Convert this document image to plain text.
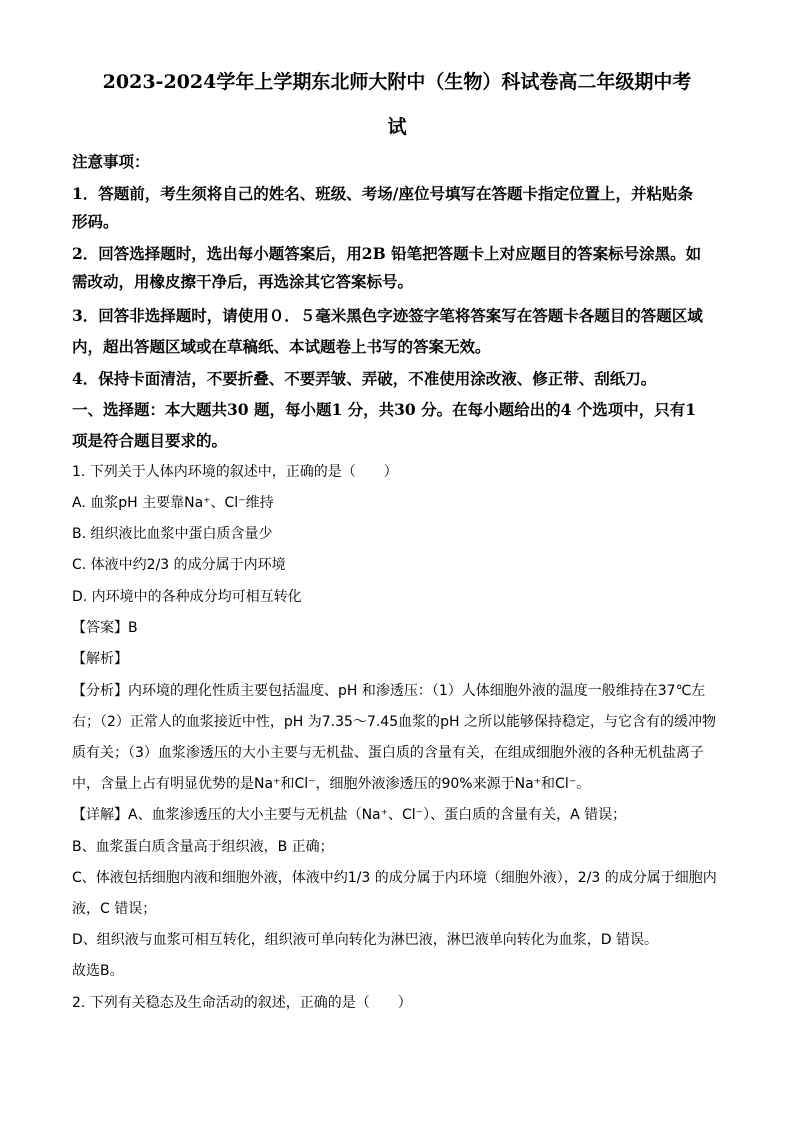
2023-2024学年上学期东北师大附中（生物）科试卷高二年级期中考

试

注意事项：

1．答题前，考生须将自己的姓名、班级、考场/座位号填写在答题卡指定位置上，并粘贴条

形码。

2．回答选择题时，选出每小题答案后，用2B 铅笔把答题卡上对应题目的答案标号涂黑。如

需改动，用橡皮擦干净后，再选涂其它答案标号。

3．回答非选择题时，请使用０．５毫米黑色字迹签字笔将答案写在答题卡各题目的答题区域

内，超出答题区域或在草稿纸、本试题卷上书写的答案无效。

4．保持卡面清洁，不要折叠、不要弄皱、弄破，不准使用涂改液、修正带、刮纸刀。

一、选择题：本大题共30 题，每小题1 分，共30 分。在每小题给出的4 个选项中，只有1

项是符合题目要求的。

1. 下列关于人体内环境的叙述中，正确的是（　　）

A. 血浆pH 主要靠Na⁺、Cl⁻维持

B. 组织液比血浆中蛋白质含量少

C. 体液中约2/3 的成分属于内环境

D. 内环境中的各种成分均可相互转化

【答案】B

【解析】

【分析】内环境的理化性质主要包括温度、pH 和渗透压：（1）人体细胞外液的温度一般维持在37℃左

右；（2）正常人的血浆接近中性，pH 为7.35～7.45血浆的pH 之所以能够保持稳定，与它含有的缓冲物

质有关；（3）血浆渗透压的大小主要与无机盐、蛋白质的含量有关，在组成细胞外液的各种无机盐离子

中，含量上占有明显优势的是Na⁺和Cl⁻，细胞外液渗透压的90%来源于Na⁺和Cl⁻。

【详解】A、血浆渗透压的大小主要与无机盐（Na⁺、Cl⁻）、蛋白质的含量有关，A 错误；

B、血浆蛋白质含量高于组织液，B 正确；

C、体液包括细胞内液和细胞外液，体液中约1/3 的成分属于内环境（细胞外液），2/3 的成分属于细胞内

液，C 错误；

D、组织液与血浆可相互转化，组织液可单向转化为淋巴液，淋巴液单向转化为血浆，D 错误。

故选B。

2. 下列有关稳态及生命活动的叙述，正确的是（　　）
